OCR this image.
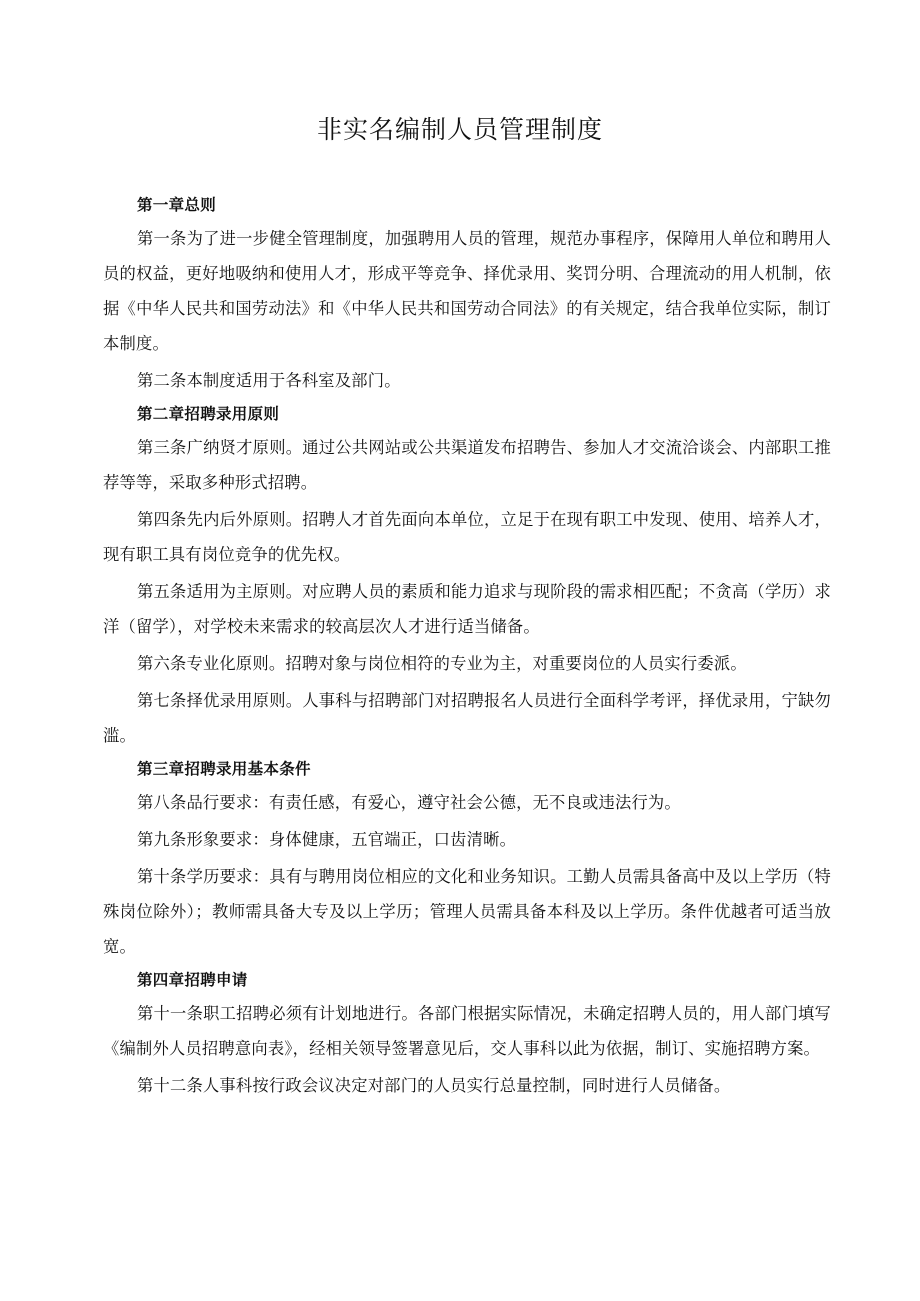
非实名编制人员管理制度
第一章总则

第一条为了进一步健全管理制度，加强聘用人员的管理，规范办事程序，保障用人单位和聘用人员的权益，更好地吸纳和使用人才，形成平等竞争、择优录用、奖罚分明、合理流动的用人机制，依据《中华人民共和国劳动法》和《中华人民共和国劳动合同法》的有关规定，结合我单位实际，制订本制度。

第二条本制度适用于各科室及部门。

第二章招聘录用原则

第三条广纳贤才原则。通过公共网站或公共渠道发布招聘告、参加人才交流洽谈会、内部职工推荐等等，采取多种形式招聘。

第四条先内后外原则。招聘人才首先面向本单位，立足于在现有职工中发现、使用、培养人才，现有职工具有岗位竞争的优先权。

第五条适用为主原则。对应聘人员的素质和能力追求与现阶段的需求相匹配；不贪高（学历）求洋（留学），对学校未来需求的较高层次人才进行适当储备。

第六条专业化原则。招聘对象与岗位相符的专业为主，对重要岗位的人员实行委派。

第七条择优录用原则。人事科与招聘部门对招聘报名人员进行全面科学考评，择优录用，宁缺勿滥。

第三章招聘录用基本条件

第八条品行要求：有责任感，有爱心，遵守社会公德，无不良或违法行为。

第九条形象要求：身体健康，五官端正，口齿清晰。

第十条学历要求：具有与聘用岗位相应的文化和业务知识。工勤人员需具备高中及以上学历（特殊岗位除外）；教师需具备大专及以上学历；管理人员需具备本科及以上学历。条件优越者可适当放宽。

第四章招聘申请

第十一条职工招聘必须有计划地进行。各部门根据实际情况，未确定招聘人员的，用人部门填写《编制外人员招聘意向表》，经相关领导签署意见后，交人事科以此为依据，制订、实施招聘方案。

第十二条人事科按行政会议决定对部门的人员实行总量控制，同时进行人员储备。
